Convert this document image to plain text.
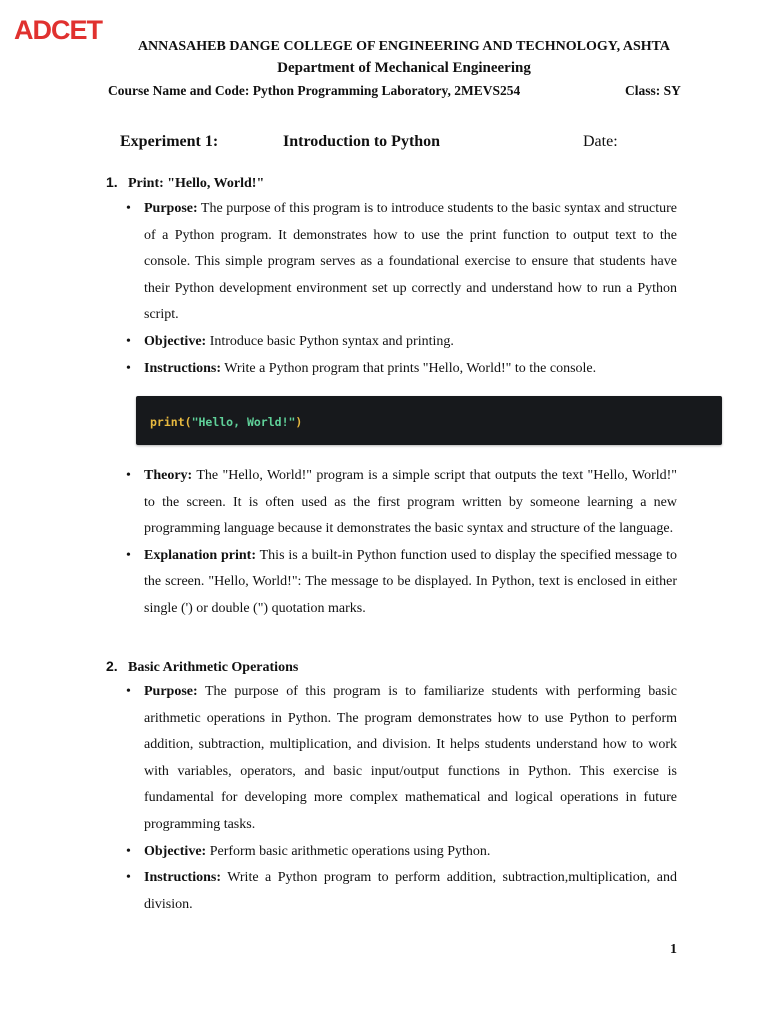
ADCET
ANNASAHEB DANGE COLLEGE OF ENGINEERING AND TECHNOLOGY, ASHTA
Department of Mechanical Engineering
Course Name and Code: Python Programming Laboratory, 2MEVS254	Class: SY
Experiment 1:	Introduction to Python	Date:
1. Print: "Hello, World!"
• Purpose: The purpose of this program is to introduce students to the basic syntax and structure of a Python program. It demonstrates how to use the print function to output text to the console. This simple program serves as a foundational exercise to ensure that students have their Python development environment set up correctly and understand how to run a Python script.
• Objective: Introduce basic Python syntax and printing.
• Instructions: Write a Python program that prints "Hello, World!" to the console.
print("Hello, World!")
• Theory: The "Hello, World!" program is a simple script that outputs the text "Hello, World!" to the screen. It is often used as the first program written by someone learning a new programming language because it demonstrates the basic syntax and structure of the language.
• Explanation print: This is a built-in Python function used to display the specified message to the screen. "Hello, World!": The message to be displayed. In Python, text is enclosed in either single (') or double (") quotation marks.
2. Basic Arithmetic Operations
• Purpose: The purpose of this program is to familiarize students with performing basic arithmetic operations in Python. The program demonstrates how to use Python to perform addition, subtraction, multiplication, and division. It helps students understand how to work with variables, operators, and basic input/output functions in Python. This exercise is fundamental for developing more complex mathematical and logical operations in future programming tasks.
• Objective: Perform basic arithmetic operations using Python.
• Instructions: Write a Python program to perform addition, subtraction,multiplication, and division.
1
